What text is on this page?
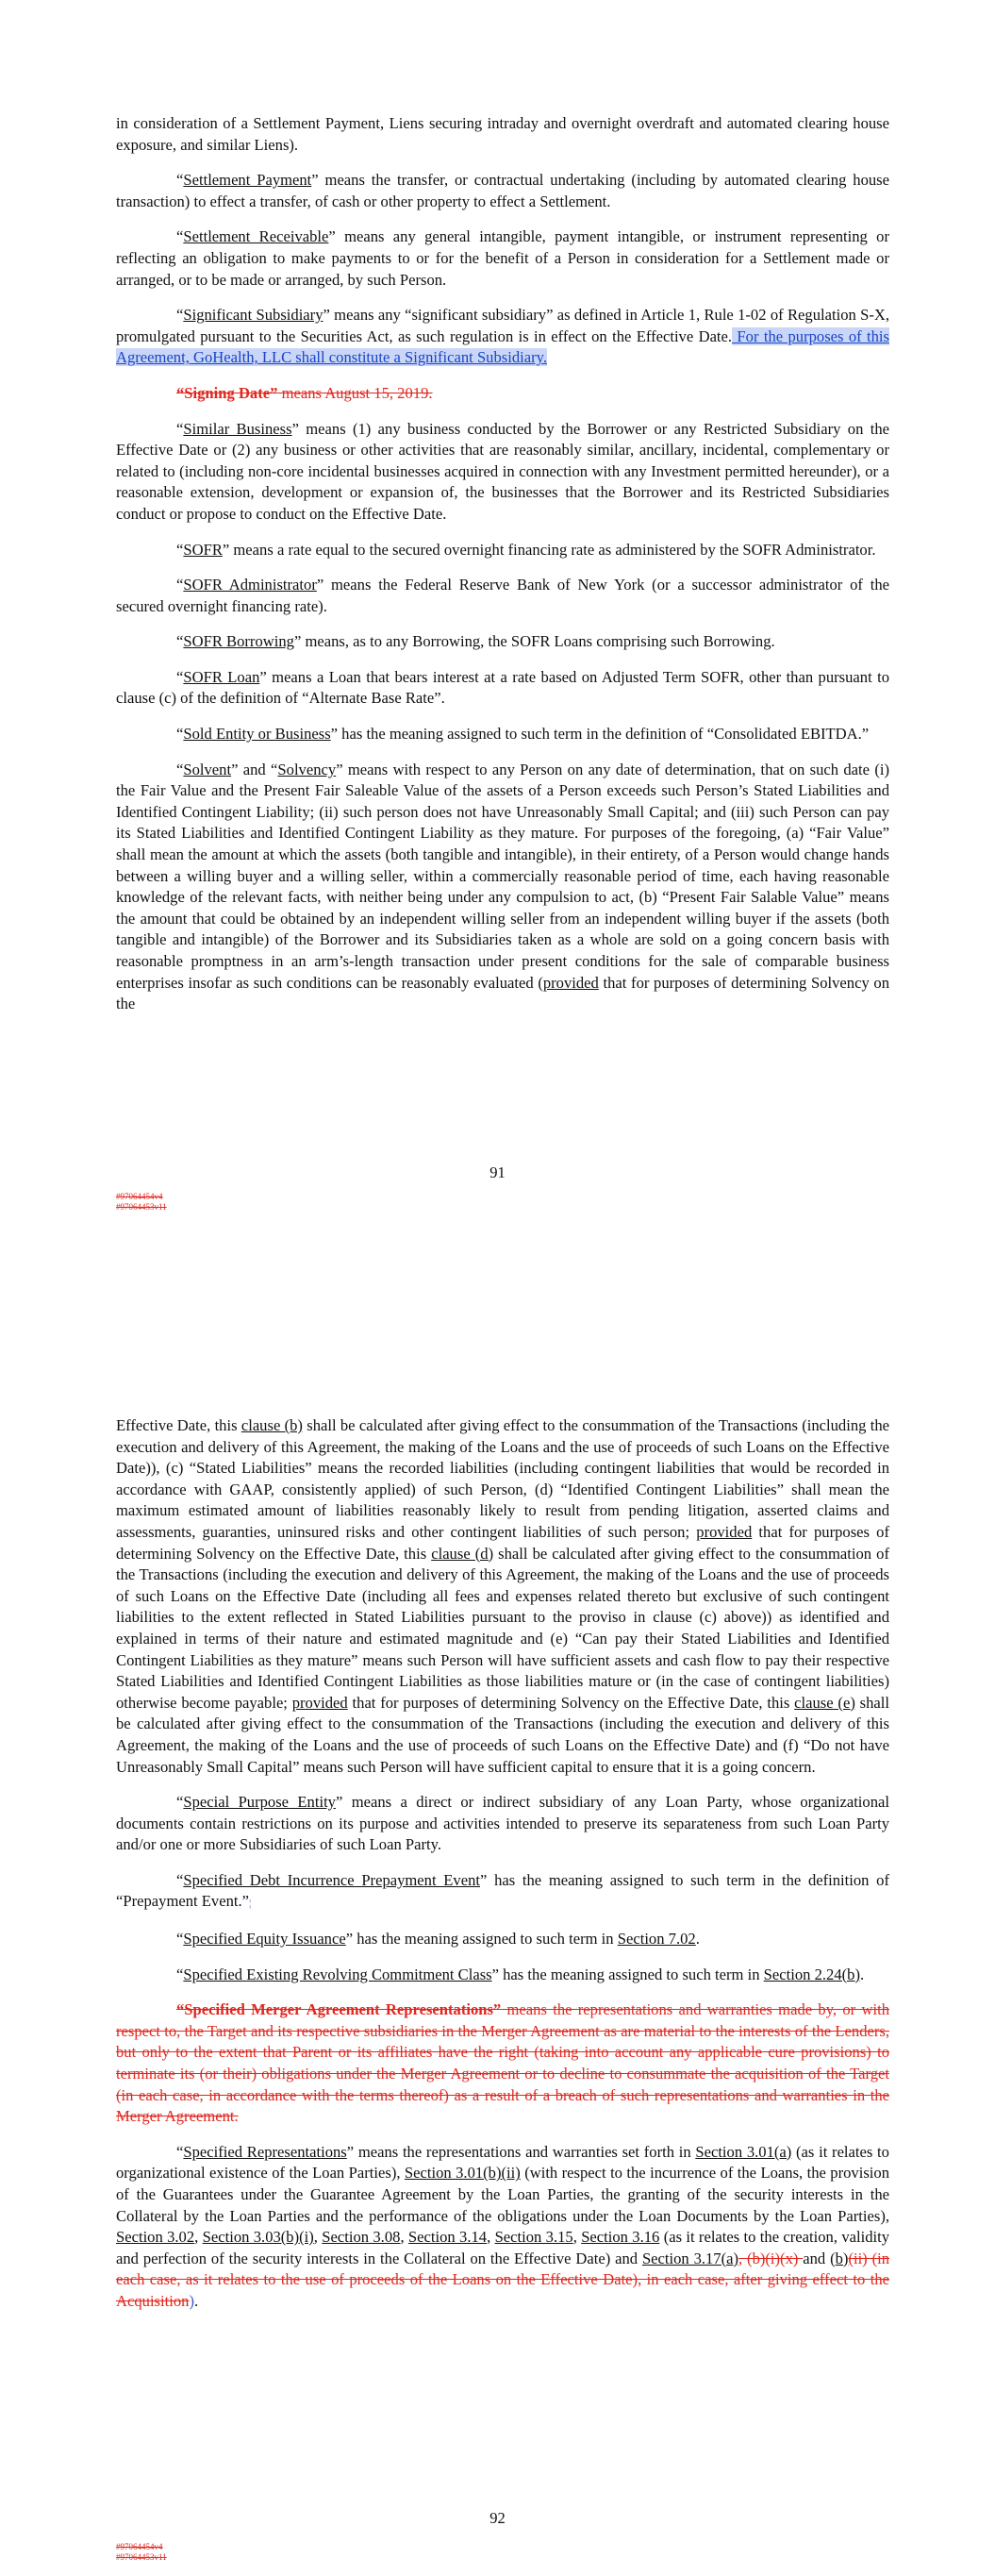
in consideration of a Settlement Payment, Liens securing intraday and overnight overdraft and automated clearing house exposure, and similar Liens).

“Settlement Payment” means the transfer, or contractual undertaking (including by automated clearing house transaction) to effect a transfer, of cash or other property to effect a Settlement.

“Settlement Receivable” means any general intangible, payment intangible, or instrument representing or reflecting an obligation to make payments to or for the benefit of a Person in consideration for a Settlement made or arranged, or to be made or arranged, by such Person.

“Significant Subsidiary” means any “significant subsidiary” as defined in Article 1, Rule 1-02 of Regulation S-X, promulgated pursuant to the Securities Act, as such regulation is in effect on the Effective Date. For the purposes of this Agreement, GoHealth, LLC shall constitute a Significant Subsidiary.

“Signing Date” means August 15, 2019.

“Similar Business” means (1) any business conducted by the Borrower or any Restricted Subsidiary on the Effective Date or (2) any business or other activities that are reasonably similar, ancillary, incidental, complementary or related to (including non-core incidental businesses acquired in connection with any Investment permitted hereunder), or a reasonable extension, development or expansion of, the businesses that the Borrower and its Restricted Subsidiaries conduct or propose to conduct on the Effective Date.

“SOFR” means a rate equal to the secured overnight financing rate as administered by the SOFR Administrator.

“SOFR Administrator” means the Federal Reserve Bank of New York (or a successor administrator of the secured overnight financing rate).

“SOFR Borrowing” means, as to any Borrowing, the SOFR Loans comprising such Borrowing.

“SOFR Loan” means a Loan that bears interest at a rate based on Adjusted Term SOFR, other than pursuant to clause (c) of the definition of “Alternate Base Rate”.

“Sold Entity or Business” has the meaning assigned to such term in the definition of “Consolidated EBITDA.”

“Solvent” and “Solvency” means with respect to any Person on any date of determination, that on such date (i) the Fair Value and the Present Fair Saleable Value of the assets of a Person exceeds such Person’s Stated Liabilities and Identified Contingent Liability; (ii) such person does not have Unreasonably Small Capital; and (iii) such Person can pay its Stated Liabilities and Identified Contingent Liability as they mature. For purposes of the foregoing, (a) “Fair Value” shall mean the amount at which the assets (both tangible and intangible), in their entirety, of a Person would change hands between a willing buyer and a willing seller, within a commercially reasonable period of time, each having reasonable knowledge of the relevant facts, with neither being under any compulsion to act, (b) “Present Fair Salable Value” means the amount that could be obtained by an independent willing seller from an independent willing buyer if the assets (both tangible and intangible) of the Borrower and its Subsidiaries taken as a whole are sold on a going concern basis with reasonable promptness in an arm’s-length transaction under present conditions for the sale of comparable business enterprises insofar as such conditions can be reasonably evaluated (provided that for purposes of determining Solvency on the

91
#97064454v4
#97064453v11

Effective Date, this clause (b) shall be calculated after giving effect to the consummation of the Transactions (including the execution and delivery of this Agreement, the making of the Loans and the use of proceeds of such Loans on the Effective Date)), (c) “Stated Liabilities” means the recorded liabilities (including contingent liabilities that would be recorded in accordance with GAAP, consistently applied) of such Person, (d) “Identified Contingent Liabilities” shall mean the maximum estimated amount of liabilities reasonably likely to result from pending litigation, asserted claims and assessments, guaranties, uninsured risks and other contingent liabilities of such person; provided that for purposes of determining Solvency on the Effective Date, this clause (d) shall be calculated after giving effect to the consummation of the Transactions (including the execution and delivery of this Agreement, the making of the Loans and the use of proceeds of such Loans on the Effective Date (including all fees and expenses related thereto but exclusive of such contingent liabilities to the extent reflected in Stated Liabilities pursuant to the proviso in clause (c) above)) as identified and explained in terms of their nature and estimated magnitude and (e) “Can pay their Stated Liabilities and Identified Contingent Liabilities as they mature” means such Person will have sufficient assets and cash flow to pay their respective Stated Liabilities and Identified Contingent Liabilities as those liabilities mature or (in the case of contingent liabilities) otherwise become payable; provided that for purposes of determining Solvency on the Effective Date, this clause (e) shall be calculated after giving effect to the consummation of the Transactions (including the execution and delivery of this Agreement, the making of the Loans and the use of proceeds of such Loans on the Effective Date) and (f) “Do not have Unreasonably Small Capital” means such Person will have sufficient capital to ensure that it is a going concern.

“Special Purpose Entity” means a direct or indirect subsidiary of any Loan Party, whose organizational documents contain restrictions on its purpose and activities intended to preserve its separateness from such Loan Party and/or one or more Subsidiaries of such Loan Party.

“Specified Debt Incurrence Prepayment Event” has the meaning assigned to such term in the definition of “Prepayment Event.”¦

“Specified Equity Issuance” has the meaning assigned to such term in Section 7.02.

“Specified Existing Revolving Commitment Class” has the meaning assigned to such term in Section 2.24(b).

“Specified Merger Agreement Representations” means the representations and warranties made by, or with respect to, the Target and its respective subsidiaries in the Merger Agreement as are material to the interests of the Lenders, but only to the extent that Parent or its affiliates have the right (taking into account any applicable cure provisions) to terminate its (or their) obligations under the Merger Agreement or to decline to consummate the acquisition of the Target (in each case, in accordance with the terms thereof) as a result of a breach of such representations and warranties in the Merger Agreement.

“Specified Representations” means the representations and warranties set forth in Section 3.01(a) (as it relates to organizational existence of the Loan Parties), Section 3.01(b)(ii) (with respect to the incurrence of the Loans, the provision of the Guarantees under the Guarantee Agreement by the Loan Parties, the granting of the security interests in the Collateral by the Loan Parties and the performance of the obligations under the Loan Documents by the Loan Parties), Section 3.02, Section 3.03(b)(i), Section 3.08, Section 3.14, Section 3.15, Section 3.16 (as it relates to the creation, validity and perfection of the security interests in the Collateral on the Effective Date) and Section 3.17(a), (b)(i)(x) and (b)(ii) (in each case, as it relates to the use of proceeds of the Loans on the Effective Date), in each case, after giving effect to the Acquisition).

92
#97064454v4
#97064453v11
